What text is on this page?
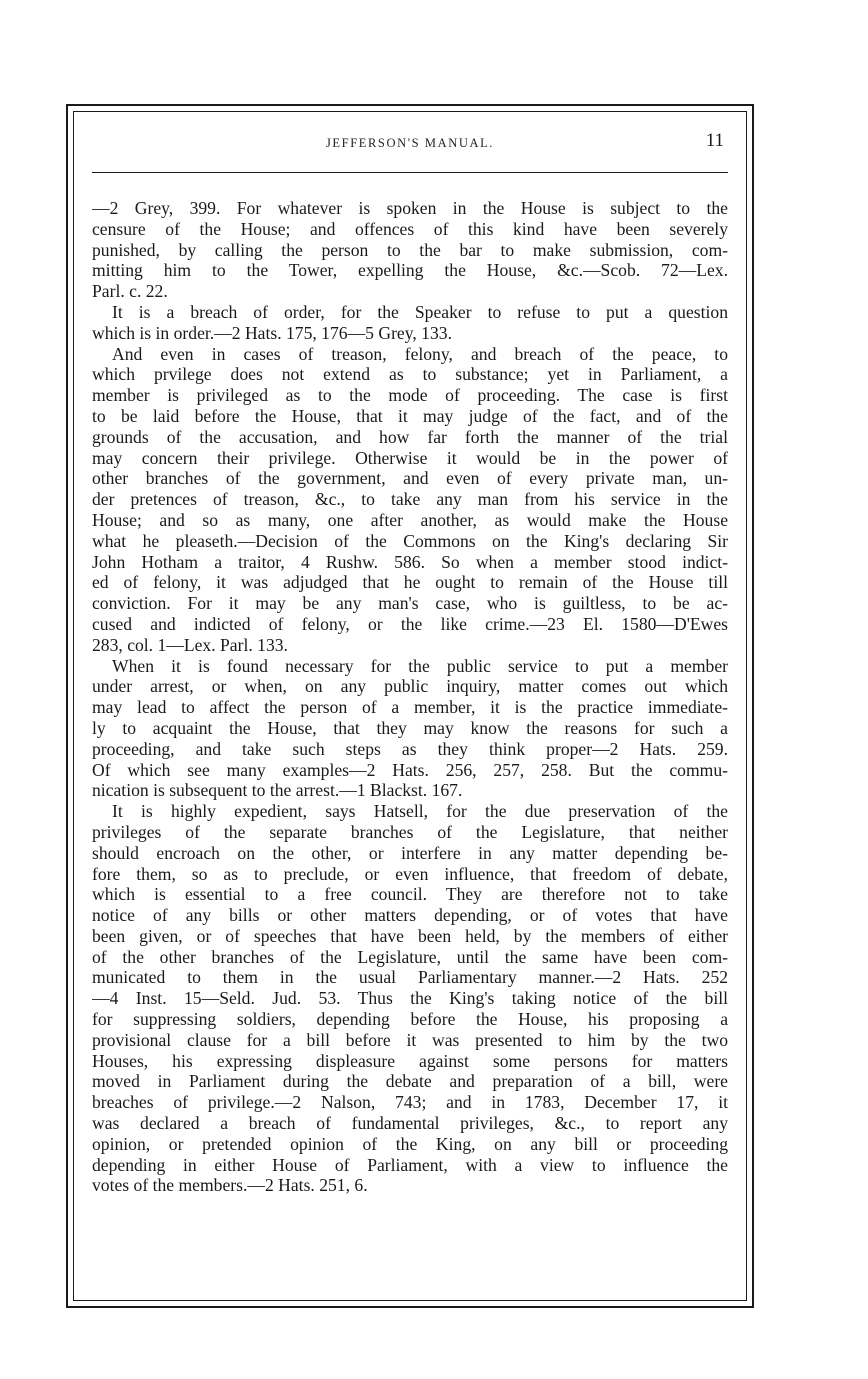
JEFFERSON'S MANUAL.	11
—2 Grey, 399. For whatever is spoken in the House is subject to the
censure of the House; and offences of this kind have been severely
punished, by calling the person to the bar to make submission, com-
mitting him to the Tower, expelling the House, &c.—Scob. 72—Lex.
Parl. c. 22.
It is a breach of order, for the Speaker to refuse to put a question
which is in order.—2 Hats. 175, 176—5 Grey, 133.
And even in cases of treason, felony, and breach of the peace, to
which prvilege does not extend as to substance; yet in Parliament, a
member is privileged as to the mode of proceeding. The case is first
to be laid before the House, that it may judge of the fact, and of the
grounds of the accusation, and how far forth the manner of the trial
may concern their privilege. Otherwise it would be in the power of
other branches of the government, and even of every private man, un-
der pretences of treason, &c., to take any man from his service in the
House; and so as many, one after another, as would make the House
what he pleaseth.—Decision of the Commons on the King's declaring Sir
John Hotham a traitor, 4 Rushw. 586. So when a member stood indict-
ed of felony, it was adjudged that he ought to remain of the House till
conviction. For it may be any man's case, who is guiltless, to be ac-
cused and indicted of felony, or the like crime.—23 El. 1580—D'Ewes
283, col. 1—Lex. Parl. 133.
When it is found necessary for the public service to put a member
under arrest, or when, on any public inquiry, matter comes out which
may lead to affect the person of a member, it is the practice immediate-
ly to acquaint the House, that they may know the reasons for such a
proceeding, and take such steps as they think proper—2 Hats. 259.
Of which see many examples—2 Hats. 256, 257, 258. But the commu-
nication is subsequent to the arrest.—1 Blackst. 167.
It is highly expedient, says Hatsell, for the due preservation of the
privileges of the separate branches of the Legislature, that neither
should encroach on the other, or interfere in any matter depending be-
fore them, so as to preclude, or even influence, that freedom of debate,
which is essential to a free council. They are therefore not to take
notice of any bills or other matters depending, or of votes that have
been given, or of speeches that have been held, by the members of either
of the other branches of the Legislature, until the same have been com-
municated to them in the usual Parliamentary manner.—2 Hats. 252
—4 Inst. 15—Seld. Jud. 53. Thus the King's taking notice of the bill
for suppressing soldiers, depending before the House, his proposing a
provisional clause for a bill before it was presented to him by the two
Houses, his expressing displeasure against some persons for matters
moved in Parliament during the debate and preparation of a bill, were
breaches of privilege.—2 Nalson, 743; and in 1783, December 17, it
was declared a breach of fundamental privileges, &c., to report any
opinion, or pretended opinion of the King, on any bill or proceeding
depending in either House of Parliament, with a view to influence the
votes of the members.—2 Hats. 251, 6.
